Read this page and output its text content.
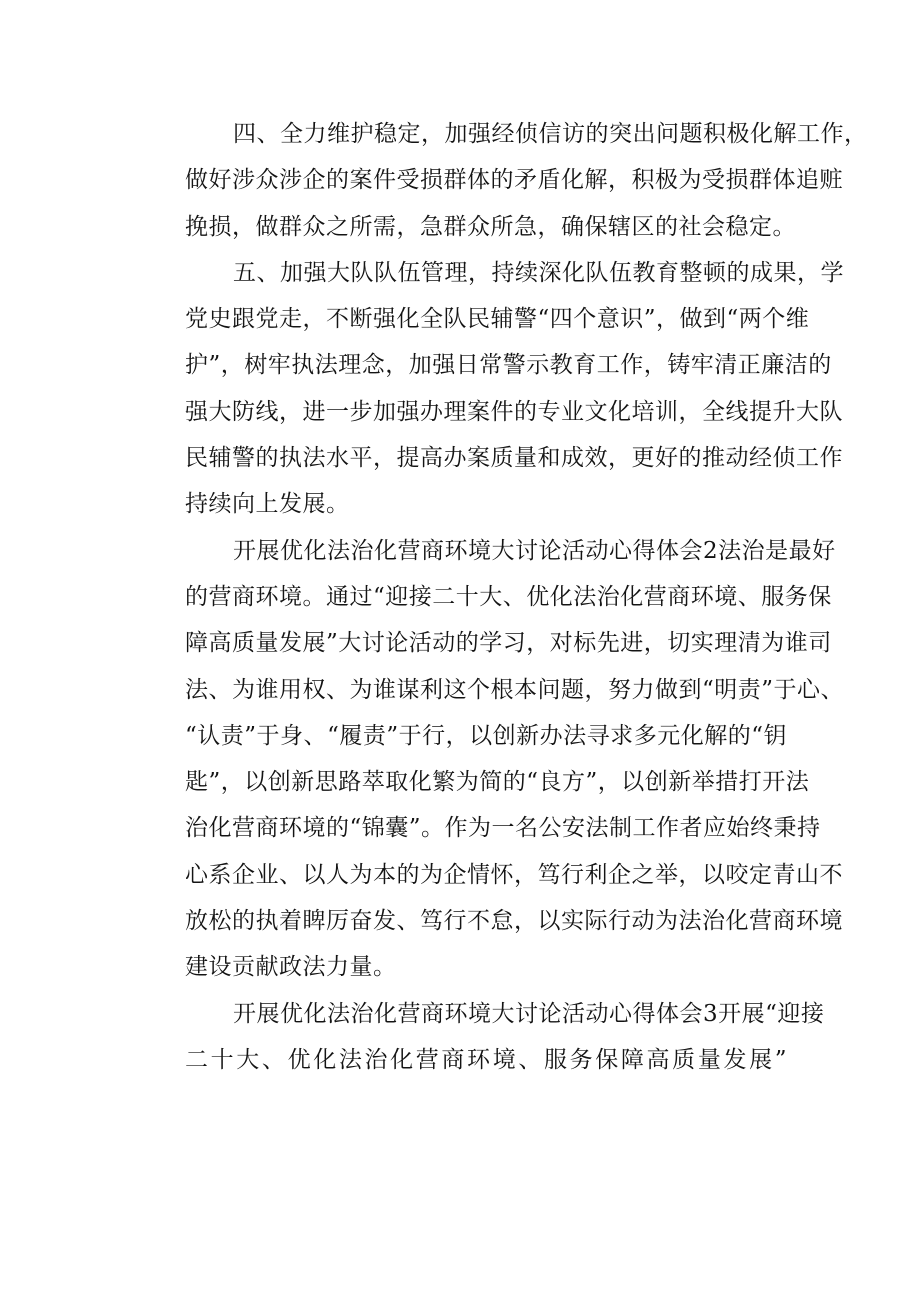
四、全力维护稳定，加强经侦信访的突出问题积极化解工作，
做好涉众涉企的案件受损群体的矛盾化解，积极为受损群体追赃
挽损，做群众之所需，急群众所急，确保辖区的社会稳定。
五、加强大队队伍管理，持续深化队伍教育整顿的成果，学
党史跟党走，不断强化全队民辅警“四个意识”，做到“两个维
护”，树牢执法理念，加强日常警示教育工作，铸牢清正廉洁的
强大防线，进一步加强办理案件的专业文化培训，全线提升大队
民辅警的执法水平，提高办案质量和成效，更好的推动经侦工作
持续向上发展。
开展优化法治化营商环境大讨论活动心得体会2法治是最好
的营商环境。通过“迎接二十大、优化法治化营商环境、服务保
障高质量发展”大讨论活动的学习，对标先进，切实理清为谁司
法、为谁用权、为谁谋利这个根本问题，努力做到“明责”于心、
“认责”于身、“履责”于行，以创新办法寻求多元化解的“钥
匙”，以创新思路萃取化繁为简的“良方”，以创新举措打开法
治化营商环境的“锦囊”。作为一名公安法制工作者应始终秉持
心系企业、以人为本的为企情怀，笃行利企之举，以咬定青山不
放松的执着睥厉奋发、笃行不怠，以实际行动为法治化营商环境
建设贡献政法力量。
开展优化法治化营商环境大讨论活动心得体会3开展“迎接
二十大、优化法治化营商环境、服务保障高质量发展”
